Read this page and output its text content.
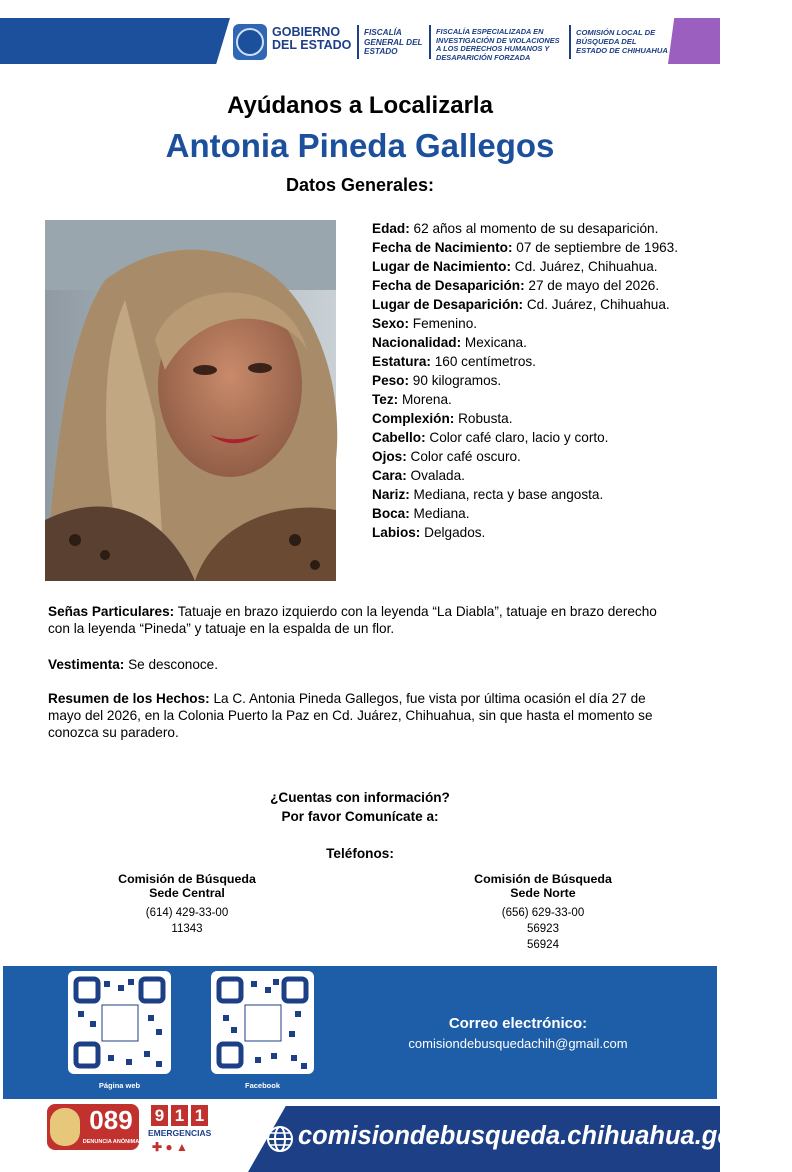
GOBIERNO DEL ESTADO
FISCALÍA GENERAL DEL ESTADO
FISCALÍA ESPECIALIZADA EN INVESTIGACIÓN DE VIOLACIONES A LOS DERECHOS HUMANOS Y DESAPARICIÓN FORZADA
COMISIÓN LOCAL DE BÚSQUEDA DEL ESTADO DE CHIHUAHUA
Ayúdanos a Localizarla
Antonia Pineda Gallegos
Datos Generales:
Edad: 62 años al momento de su desaparición.
Fecha de Nacimiento: 07 de septiembre de 1963.
Lugar de Nacimiento: Cd. Juárez, Chihuahua.
Fecha de Desaparición: 27 de mayo del 2026.
Lugar de Desaparición: Cd. Juárez, Chihuahua.
Sexo: Femenino.
Nacionalidad: Mexicana.
Estatura: 160 centímetros.
Peso: 90 kilogramos.
Tez: Morena.
Complexión: Robusta.
Cabello: Color café claro, lacio y corto.
Ojos: Color café oscuro.
Cara: Ovalada.
Nariz: Mediana, recta y base angosta.
Boca: Mediana.
Labios: Delgados.
Señas Particulares: Tatuaje en brazo izquierdo con la leyenda “La Diabla”, tatuaje en brazo derecho con la leyenda “Pineda” y tatuaje en la espalda de un flor.
Vestimenta: Se desconoce.
Resumen de los Hechos: La C. Antonia Pineda Gallegos, fue vista por última ocasión el día 27 de mayo del 2026, en la Colonia Puerto la Paz en Cd. Juárez, Chihuahua, sin que hasta el momento se conozca su paradero.
¿Cuentas con información?
Por favor Comunícate a:
Teléfonos:
Comisión de Búsqueda
Sede Central
(614) 429-33-00
11343
Comisión de Búsqueda
Sede Norte
(656) 629-33-00
56923
56924
Página web	Facebook
Correo electrónico:
comisiondebusquedachih@gmail.com
089
DENUNCIA ANÓNIMA
9 1 1
EMERGENCIAS
✚ ● ▲	comisiondebusqueda.chihuahua.gob.mx
